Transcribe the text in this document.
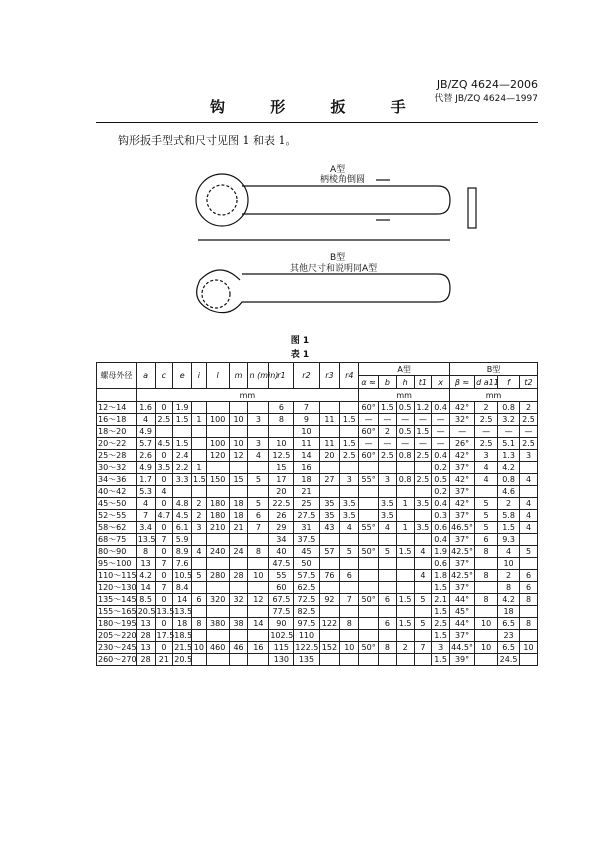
JB/ZQ 4624—2006
代替 JB/ZQ 4624—1997
钩 形 扳 手
钩形扳手型式和尺寸见图 1 和表 1。
A型
柄棱角倒圆
B型
其他尺寸和说明同A型
图 1
表 1
螺母外径	a	c	e	i	l	m	n (min)	r1	r2	r3	r4	A型					B型			
												α ≈	b	h	t1	x	β ≈	d a11	f	t2
	mm											mm					mm			
12～14	1.6	0	1.9					6	7			60°	1.5	0.5	1.2	0.4	42°	2	0.8	2
16～18	4	2.5	1.5	1	100	10	3	8	9	11	1.5	—	—	—	—	—	32°	2.5	3.2	2.5
18～20	4.9								10			60°	2	0.5	1.5	—	—	—	—	—
20～22	5.7	4.5	1.5		100	10	3	10	11	11	1.5	—	—	—	—	—	26°	2.5	5.1	2.5
25～28	2.6	0	2.4		120	12	4	12.5	14	20	2.5	60°	2.5	0.8	2.5	0.4	42°	3	1.3	3
30～32	4.9	3.5	2.2	1				15	16							0.2	37°	4	4.2	
34～36	1.7	0	3.3	1.5	150	15	5	17	18	27	3	55°	3	0.8	2.5	0.5	42°	4	0.8	4
40～42	5.3	4						20	21							0.2	37°		4.6	
45～50	4	0	4.8	2	180	18	5	22.5	25	35	3.5		3.5	1	3.5	0.4	42°	5	2	4
52～55	7	4.7	4.5	2	180	18	6	26	27.5	35	3.5		3.5			0.3	37°	5	5.8	4
58～62	3.4	0	6.1	3	210	21	7	29	31	43	4	55°	4	1	3.5	0.6	46.5°	5	1.5	4
68～75	13.5	7	5.9					34	37.5							0.4	37°	6	9.3	
80～90	8	0	8.9	4	240	24	8	40	45	57	5	50°	5	1.5	4	1.9	42.5°	8	4	5
95～100	13	7	7.6					47.5	50							0.6	37°		10	
110～115	4.2	0	10.5	5	280	28	10	55	57.5	76	6				4	1.8	42.5°	8	2	6
120～130	14	7	8.4					60	62.5							1.5	37°		8	6
135～145	8.5	0	14	6	320	32	12	67.5	72.5	92	7	50°	6	1.5	5	2.1	44°	8	4.2	8
155～165	20.5	13.5	13.5					77.5	82.5							1.5	45°		18	
180～195	13	0	18	8	380	38	14	90	97.5	122	8		6	1.5	5	2.5	44°	10	6.5	8
205～220	28	17.5	18.5					102.5	110							1.5	37°		23	
230～245	13	0	21.5	10	460	46	16	115	122.5	152	10	50°	8	2	7	3	44.5°	10	6.5	10
260～270	28	21	20.5					130	135							1.5	39°		24.5	
